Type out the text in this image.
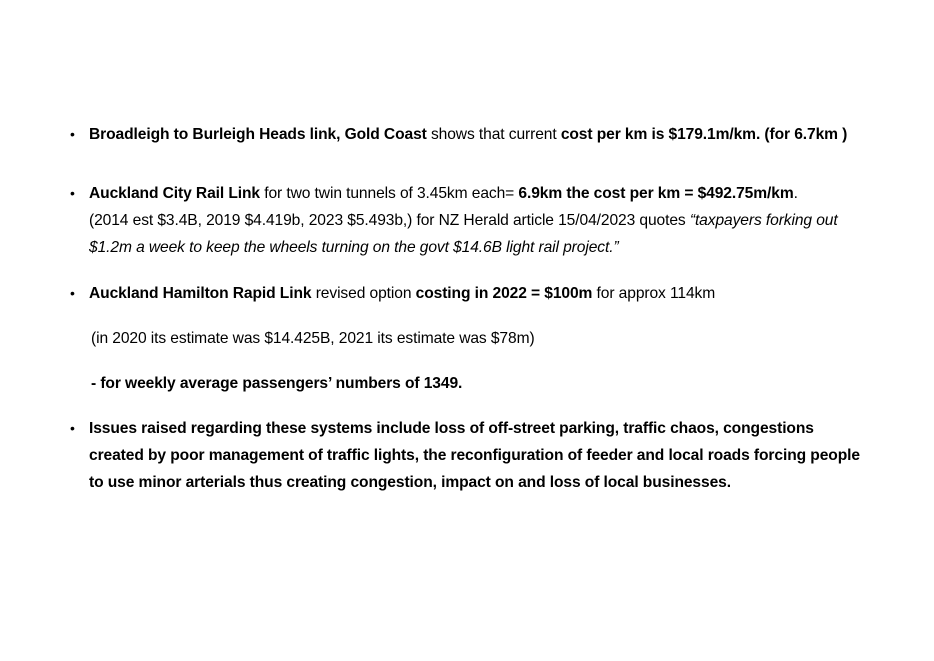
• Broadleigh to Burleigh Heads link, Gold Coast shows that current cost per km is $179.1m/km. (for 6.7km )
• Auckland City Rail Link for two twin tunnels of 3.45km each= 6.9km the cost per km = $492.75m/km.
(2014 est $3.4B, 2019 $4.419b, 2023 $5.493b,) for NZ Herald article 15/04/2023 quotes “taxpayers forking out $1.2m a week to keep the wheels turning on the govt $14.6B light rail project.”
• Auckland Hamilton Rapid Link revised option costing in 2022 = $100m for approx 114km
(in 2020 its estimate was $14.425B, 2021 its estimate was $78m)
- for weekly average passengers’ numbers of 1349.
• Issues raised regarding these systems include loss of off-street parking, traffic chaos, congestions created by poor management of traffic lights, the reconfiguration of feeder and local roads forcing people to use minor arterials thus creating congestion, impact on and loss of local businesses.
